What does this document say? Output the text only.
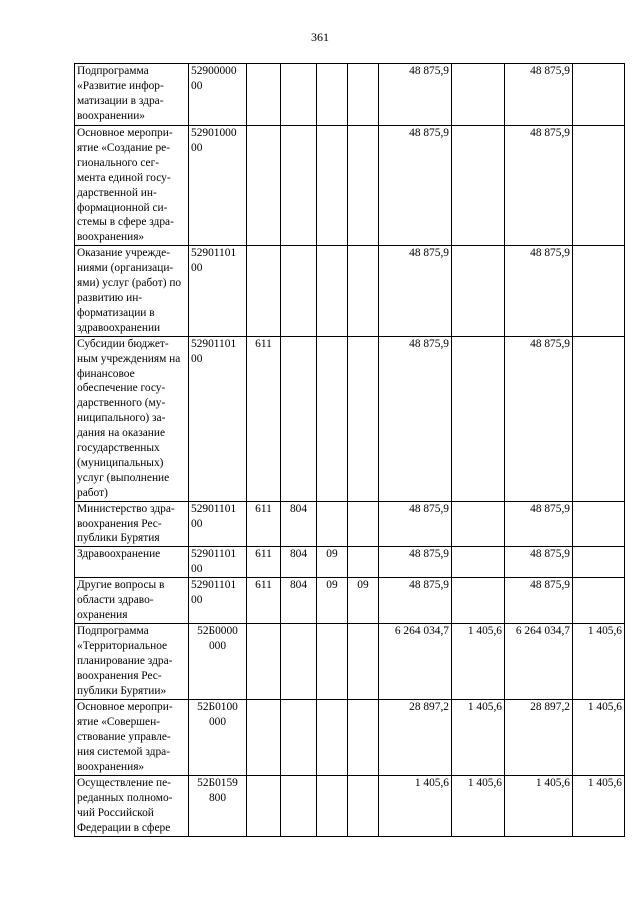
361
Подпрограмма «Развитие инфор-матизации в здра-воохранении»	52900000 00					48 875,9		48 875,9	
Основное меропри-ятие «Создание ре-гионального сег-мента единой госу-дарственной ин-формационной си-стемы в сфере здра-воохранения»	52901000 00					48 875,9		48 875,9	
Оказание учрежде-ниями (организаци-ями) услуг (работ) по развитию ин-форматизации в здравоохранении	52901101 00					48 875,9		48 875,9	
Субсидии бюджет-ным учреждениям на финансовое обеспечение госу-дарственного (му-ниципального) за-дания на оказание государственных (муниципальных) услуг (выполнение работ)	52901101 00	611				48 875,9		48 875,9	
Министерство здра-воохранения Рес-публики Бурятия	52901101 00	611	804			48 875,9		48 875,9	
Здравоохранение	52901101 00	611	804	09		48 875,9		48 875,9	
Другие вопросы в области здраво-охранения	52901101 00	611	804	09	09	48 875,9		48 875,9	
Подпрограмма «Территориальное планирование здра-воохранения Рес-публики Бурятии»	52Б0000 000					6 264 034,7	1 405,6	6 264 034,7	1 405,6
Основное меропри-ятие «Совершен-ствование управле-ния системой здра-воохранения»	52Б0100 000					28 897,2	1 405,6	28 897,2	1 405,6
Осуществление пе-реданных полномо-чий Российской Федерации в сфере	52Б0159 800					1 405,6	1 405,6	1 405,6	1 405,6
